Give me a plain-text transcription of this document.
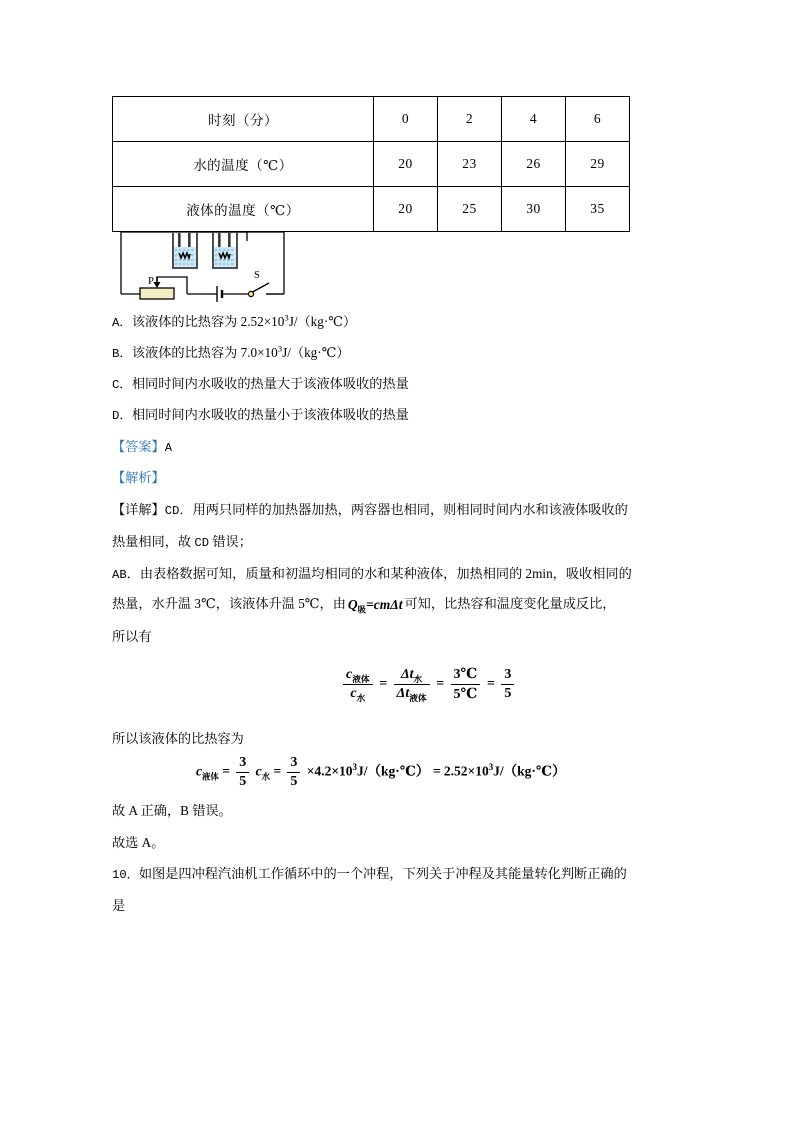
时刻（分）	0	2	4	6
水的温度（℃）	20	23	26	29
液体的温度（℃）	20	25	30	35
P
S
A．该液体的比热容为 $2.52\times 10^3J/(kg\cdot℃)$
B．该液体的比热容为 $7.0\times 10^3J/(kg\cdot℃)$
C．相同时间内水吸收的热量大于该液体吸收的热量
D．相同时间内水吸收的热量小于该液体吸收的热量
【答案】A
【解析】
【详解】CD．用两只同样的加热器加热，两容器也相同，则相同时间内水和该液体吸收的
热量相同，故 CD 错误；
AB．由表格数据可知，质量和初温均相同的水和某种液体，加热相同的 2min，吸收相同的
热量，水升温 3℃，该液体升温 5℃，由 $Q_吸=cm\Delta t$ 可知，比热容和温度变化量成反比，
所以有
$\frac{c_{液体}}{c_水} = \frac{\Delta t_水}{\Delta t_{液体}} = \frac{3℃}{5℃} = \frac{3}{5}$
所以该液体的比热容为
$c_{液体} = \frac{3}{5} c_水 = \frac{3}{5}$ $\times 4.2\times 10^3J/(kg\cdot℃)$ = $2.52\times 10^3J/(kg\cdot℃)$
故 A 正确，B 错误。
故选 A。
10．如图是四冲程汽油机工作循环中的一个冲程，下列关于冲程及其能量转化判断正确的
是
